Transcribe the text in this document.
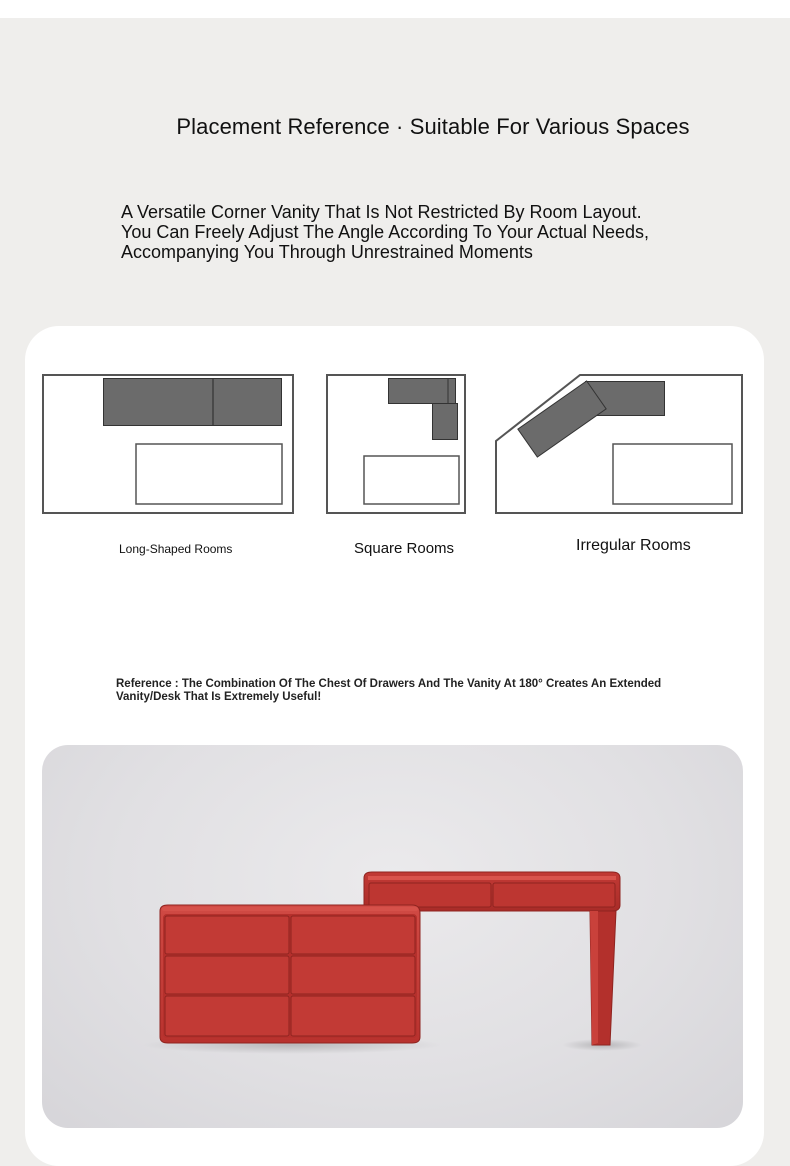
Placement Reference · Suitable For Various Spaces

A Versatile Corner Vanity That Is Not Restricted By Room Layout.
You Can Freely Adjust The Angle According To Your Actual Needs,
Accompanying You Through Unrestrained Moments

Long-Shaped Rooms	Square Rooms	Irregular Rooms

Reference : The Combination Of The Chest Of Drawers And The Vanity At 180° Creates An Extended
Vanity/Desk That Is Extremely Useful!
